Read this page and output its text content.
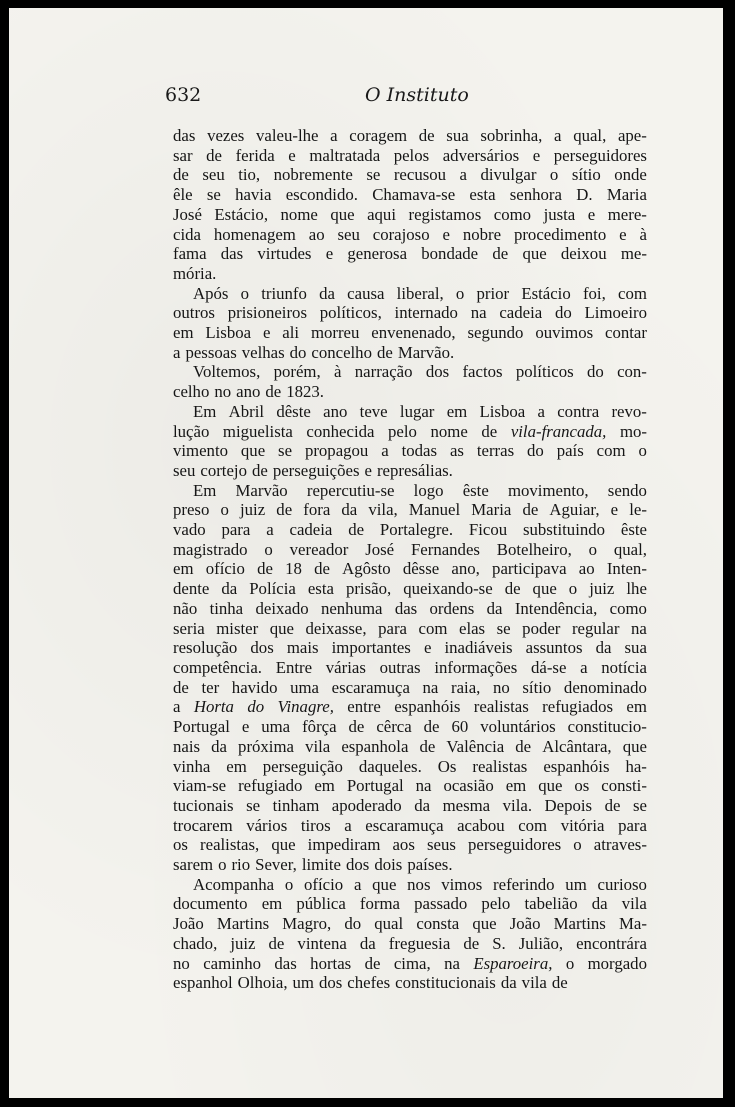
632	O Instituto
das vezes valeu-lhe a coragem de sua sobrinha, a qual, ape-
sar de ferida e maltratada pelos adversários e perseguidores
de seu tio, nobremente se recusou a divulgar o sítio onde
êle se havia escondido. Chamava-se esta senhora D. Maria
José Estácio, nome que aqui registamos como justa e mere-
cida homenagem ao seu corajoso e nobre procedimento e à
fama das virtudes e generosa bondade de que deixou me-
mória.
Após o triunfo da causa liberal, o prior Estácio foi, com
outros prisioneiros políticos, internado na cadeia do Limoeiro
em Lisboa e ali morreu envenenado, segundo ouvimos contar
a pessoas velhas do concelho de Marvão.
Voltemos, porém, à narração dos factos políticos do con-
celho no ano de 1823.
Em Abril dêste ano teve lugar em Lisboa a contra revo-
lução miguelista conhecida pelo nome de vila-francada, mo-
vimento que se propagou a todas as terras do país com o
seu cortejo de perseguições e represálias.
Em Marvão repercutiu-se logo êste movimento, sendo
preso o juiz de fora da vila, Manuel Maria de Aguiar, e le-
vado para a cadeia de Portalegre. Ficou substituindo êste
magistrado o vereador José Fernandes Botelheiro, o qual,
em ofício de 18 de Agôsto dêsse ano, participava ao Inten-
dente da Polícia esta prisão, queixando-se de que o juiz lhe
não tinha deixado nenhuma das ordens da Intendência, como
seria mister que deixasse, para com elas se poder regular na
resolução dos mais importantes e inadiáveis assuntos da sua
competência. Entre várias outras informações dá-se a notícia
de ter havido uma escaramuça na raia, no sítio denominado
a Horta do Vinagre, entre espanhóis realistas refugiados em
Portugal e uma fôrça de cêrca de 60 voluntários constitucio-
nais da próxima vila espanhola de Valência de Alcântara, que
vinha em perseguição daqueles. Os realistas espanhóis ha-
viam-se refugiado em Portugal na ocasião em que os consti-
tucionais se tinham apoderado da mesma vila. Depois de se
trocarem vários tiros a escaramuça acabou com vitória para
os realistas, que impediram aos seus perseguidores o atraves-
sarem o rio Sever, limite dos dois países.
Acompanha o ofício a que nos vimos referindo um curioso
documento em pública forma passado pelo tabelião da vila
João Martins Magro, do qual consta que João Martins Ma-
chado, juiz de vintena da freguesia de S. Julião, encontrára
no caminho das hortas de cima, na Esparoeira, o morgado
espanhol Olhoia, um dos chefes constitucionais da vila de
